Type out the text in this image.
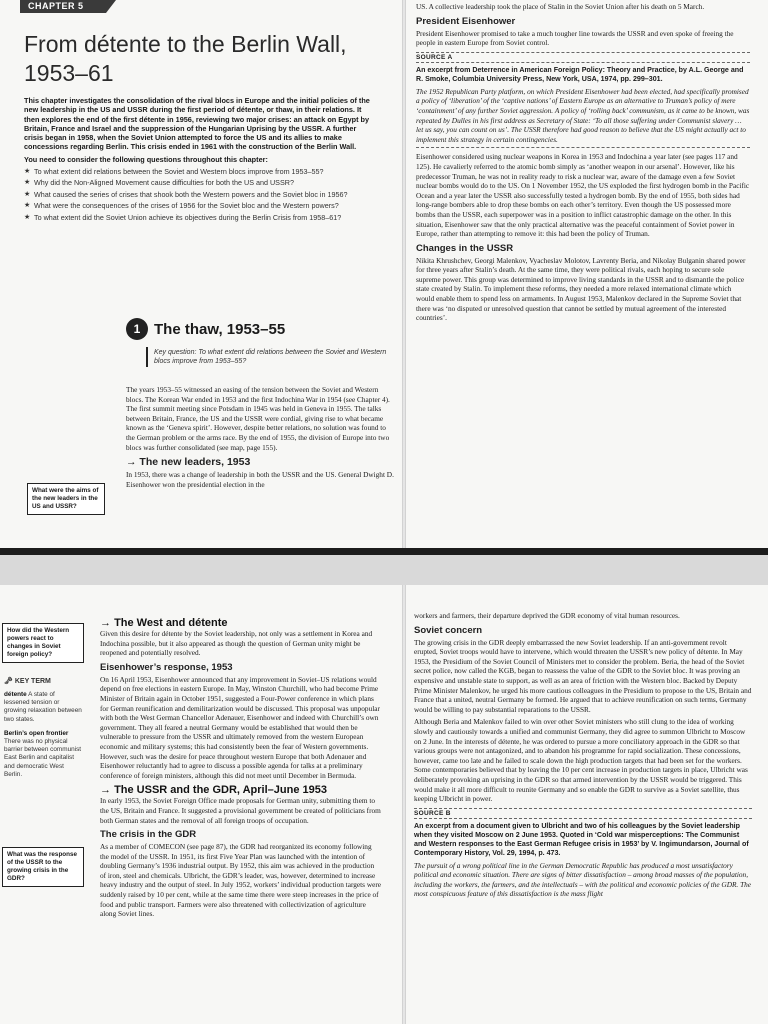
CHAPTER 5
From détente to the Berlin Wall,
1953–61

This chapter investigates the consolidation of the rival blocs in Europe and the initial policies of the new leadership in the US and USSR during the first period of détente, or thaw, in their relations. It then explores the end of the first détente in 1956, reviewing two major crises: an attack on Egypt by Britain, France and Israel and the suppression of the Hungarian Uprising by the USSR. A further crisis began in 1958, when the Soviet Union attempted to force the US and its allies to make concessions regarding Berlin. This crisis ended in 1961 with the construction of the Berlin Wall.

You need to consider the following questions throughout this chapter:

★ To what extent did relations between the Soviet and Western blocs improve from 1953–55?
★ Why did the Non-Aligned Movement cause difficulties for both the US and USSR?
★ What caused the series of crises that shook both the Western powers and the Soviet bloc in 1956?
★ What were the consequences of the crises of 1956 for the Soviet bloc and the Western powers?
★ To what extent did the Soviet Union achieve its objectives during the Berlin Crisis from 1958–61?
1 The thaw, 1953–55
Key question: To what extent did relations between the Soviet and Western blocs improve from 1953–55?

The years 1953–55 witnessed an easing of the tension between the Soviet and Western blocs. The Korean War ended in 1953 and the first Indochina War in 1954 (see Chapter 4). The first summit meeting since Potsdam in 1945 was held in Geneva in 1955. The talks between Britain, France, the US and the USSR were cordial, giving rise to what became known as the ‘Geneva spirit’. However, despite better relations, no solution was found to the German problem or the arms race. By the end of 1955, the division of Europe into two blocs was further consolidated (see map, page 155).

→ The new leaders, 1953

In 1953, there was a change of leadership in both the USSR and the US. General Dwight D. Eisenhower won the presidential election in the

What were the aims of the new leaders in the US and USSR?

US. A collective leadership took the place of Stalin in the Soviet Union after his death on 5 March.

President Eisenhower

President Eisenhower promised to take a much tougher line towards the USSR and even spoke of freeing the people in eastern Europe from Soviet control.

SOURCE A
An excerpt from Deterrence in American Foreign Policy: Theory and Practice, by A.L. George and R. Smoke, Columbia University Press, New York, USA, 1974, pp. 299–301.

The 1952 Republican Party platform, on which President Eisenhower had been elected, had specifically promised a policy of ‘liberation’ of the ‘captive nations’ of Eastern Europe as an alternative to Truman’s policy of mere ‘containment’ of any further Soviet aggression. A policy of ‘rolling back’ communism, as it came to be known, was repeated by Dulles in his first address as Secretary of State: ‘To all those suffering under Communist slavery … let us say, you can count on us’. The USSR therefore had good reason to believe that the US might actually act to implement this strategy in certain contingencies.

Eisenhower considered using nuclear weapons in Korea in 1953 and Indochina a year later (see pages 117 and 125). He cavalierly referred to the atomic bomb simply as ‘another weapon in our arsenal’. However, like his predecessor Truman, he was not in reality ready to risk a nuclear war, aware of the damage even a few Soviet nuclear bombs would do to the US. On 1 November 1952, the US exploded the first hydrogen bomb in the Pacific Ocean and a year later the USSR also successfully tested a hydrogen bomb. By the end of 1955, both sides had long-range bombers able to drop these bombs on each other’s territory. Even though the US possessed more bombs than the USSR, each superpower was in a position to inflict catastrophic damage on the other. In this situation, Eisenhower saw that the only practical alternative was the peaceful containment of Soviet power in Europe, rather than attempting to remove it: this had been the policy of Truman.

Changes in the USSR

Nikita Khrushchev, Georgi Malenkov, Vyacheslav Molotov, Lavrenty Beria, and Nikolay Bulganin shared power for three years after Stalin’s death. At the same time, they were political rivals, each hoping to secure sole supreme power. This group was determined to improve living standards in the USSR and to dismantle the police state created by Stalin. To implement these reforms, they needed a more relaxed international climate which would enable them to spend less on armaments. In August 1953, Malenkov declared in the Supreme Soviet that there was ‘no disputed or unresolved question that cannot be settled by mutual agreement of the interested countries’.

How did the Western powers react to changes in Soviet foreign policy?
🗝 KEY TERM
détente A state of lessened tension or growing relaxation between two states.
Berlin’s open frontier There was no physical barrier between communist East Berlin and capitalist and democratic West Berlin.
What was the response of the USSR to the growing crisis in the GDR?
→ The West and détente

Given this desire for détente by the Soviet leadership, not only was a settlement in Korea and Indochina possible, but it also appeared as though the question of German unity might be reopened and potentially resolved.

Eisenhower’s response, 1953

On 16 April 1953, Eisenhower announced that any improvement in Soviet–US relations would depend on free elections in eastern Europe. In May, Winston Churchill, who had become Prime Minister of Britain again in October 1951, suggested a Four-Power conference in which plans for German reunification and demilitarization would be discussed. This proposal was unpopular with both the West German Chancellor Adenauer, Eisenhower and indeed with Churchill’s own government. They all feared a neutral Germany would be established that would then be vulnerable to pressure from the USSR and ultimately removed from the western European economic and military systems; this had consistently been the fear of Western governments. However, such was the desire for peace throughout western Europe that both Adenauer and Eisenhower reluctantly had to agree to discuss a possible agenda for talks at a preliminary conference of foreign ministers, although this did not meet until December in Bermuda.

→ The USSR and the GDR, April–June 1953

In early 1953, the Soviet Foreign Office made proposals for German unity, submitting them to the US, Britain and France. It suggested a provisional government be created of politicians from both German states and the removal of all foreign troops of occupation.

The crisis in the GDR

As a member of COMECON (see page 87), the GDR had reorganized its economy following the model of the USSR. In 1951, its first Five Year Plan was launched with the intention of doubling Germany’s 1936 industrial output. By 1952, this aim was achieved in the production of iron, steel and chemicals. Ulbricht, the GDR’s leader, was, however, determined to increase heavy industry and the output of steel. In July 1952, workers’ individual production targets were suddenly raised by 10 per cent, while at the same time there were steep increases in the price of food and public transport. Farmers were also threatened with collectivization of agriculture along Soviet lines.

workers and farmers, their departure deprived the GDR economy of vital human resources.

Soviet concern

The growing crisis in the GDR deeply embarrassed the new Soviet leadership. If an anti-government revolt erupted, Soviet troops would have to intervene, which would threaten the USSR’s new policy of détente. In May 1953, the Presidium of the Soviet Council of Ministers met to consider the problem. Beria, the head of the Soviet secret police, now called the KGB, began to reassess the value of the GDR to the Soviet bloc. It was proving an expensive and unstable state to support, as well as an area of friction with the Western bloc. Backed by Deputy Prime Minister Malenkov, he urged his more cautious colleagues in the Presidium to propose to the US, Britain and France that a united, neutral Germany be formed. He argued that to achieve reunification on such terms, Germany would be willing to pay substantial reparations to the USSR.

Although Beria and Malenkov failed to win over other Soviet ministers who still clung to the idea of working slowly and cautiously towards a unified and communist Germany, they did agree to summon Ulbricht to Moscow on 2 June. In the interests of détente, he was ordered to pursue a more conciliatory approach in the GDR so that various groups were not antagonized, and to abandon his programme for rapid socialization. These concessions, however, came too late and he failed to scale down the high production targets that had been set for the workers. Some contemporaries believed that by leaving the 10 per cent increase in production targets in place, Ulbricht was deliberately provoking an uprising in the GDR so that armed intervention by the USSR would be triggered. This would make it all more difficult to reunite Germany and so enable the GDR to survive as a Soviet satellite, thus keeping Ulbricht in power.

SOURCE B
An excerpt from a document given to Ulbricht and two of his colleagues by the Soviet leadership when they visited Moscow on 2 June 1953. Quoted in ‘Cold war misperceptions: The Communist and Western responses to the East German Refugee crisis in 1953’ by V. Ingimundarson, Journal of Contemporary History, Vol. 29, 1994, p. 473.

The pursuit of a wrong political line in the German Democratic Republic has produced a most unsatisfactory political and economic situation. There are signs of bitter dissatisfaction – among broad masses of the population, including the workers, the farmers, and the intellectuals – with the political and economic policies of the GDR. The most conspicuous feature of this dissatisfaction is the mass flight
